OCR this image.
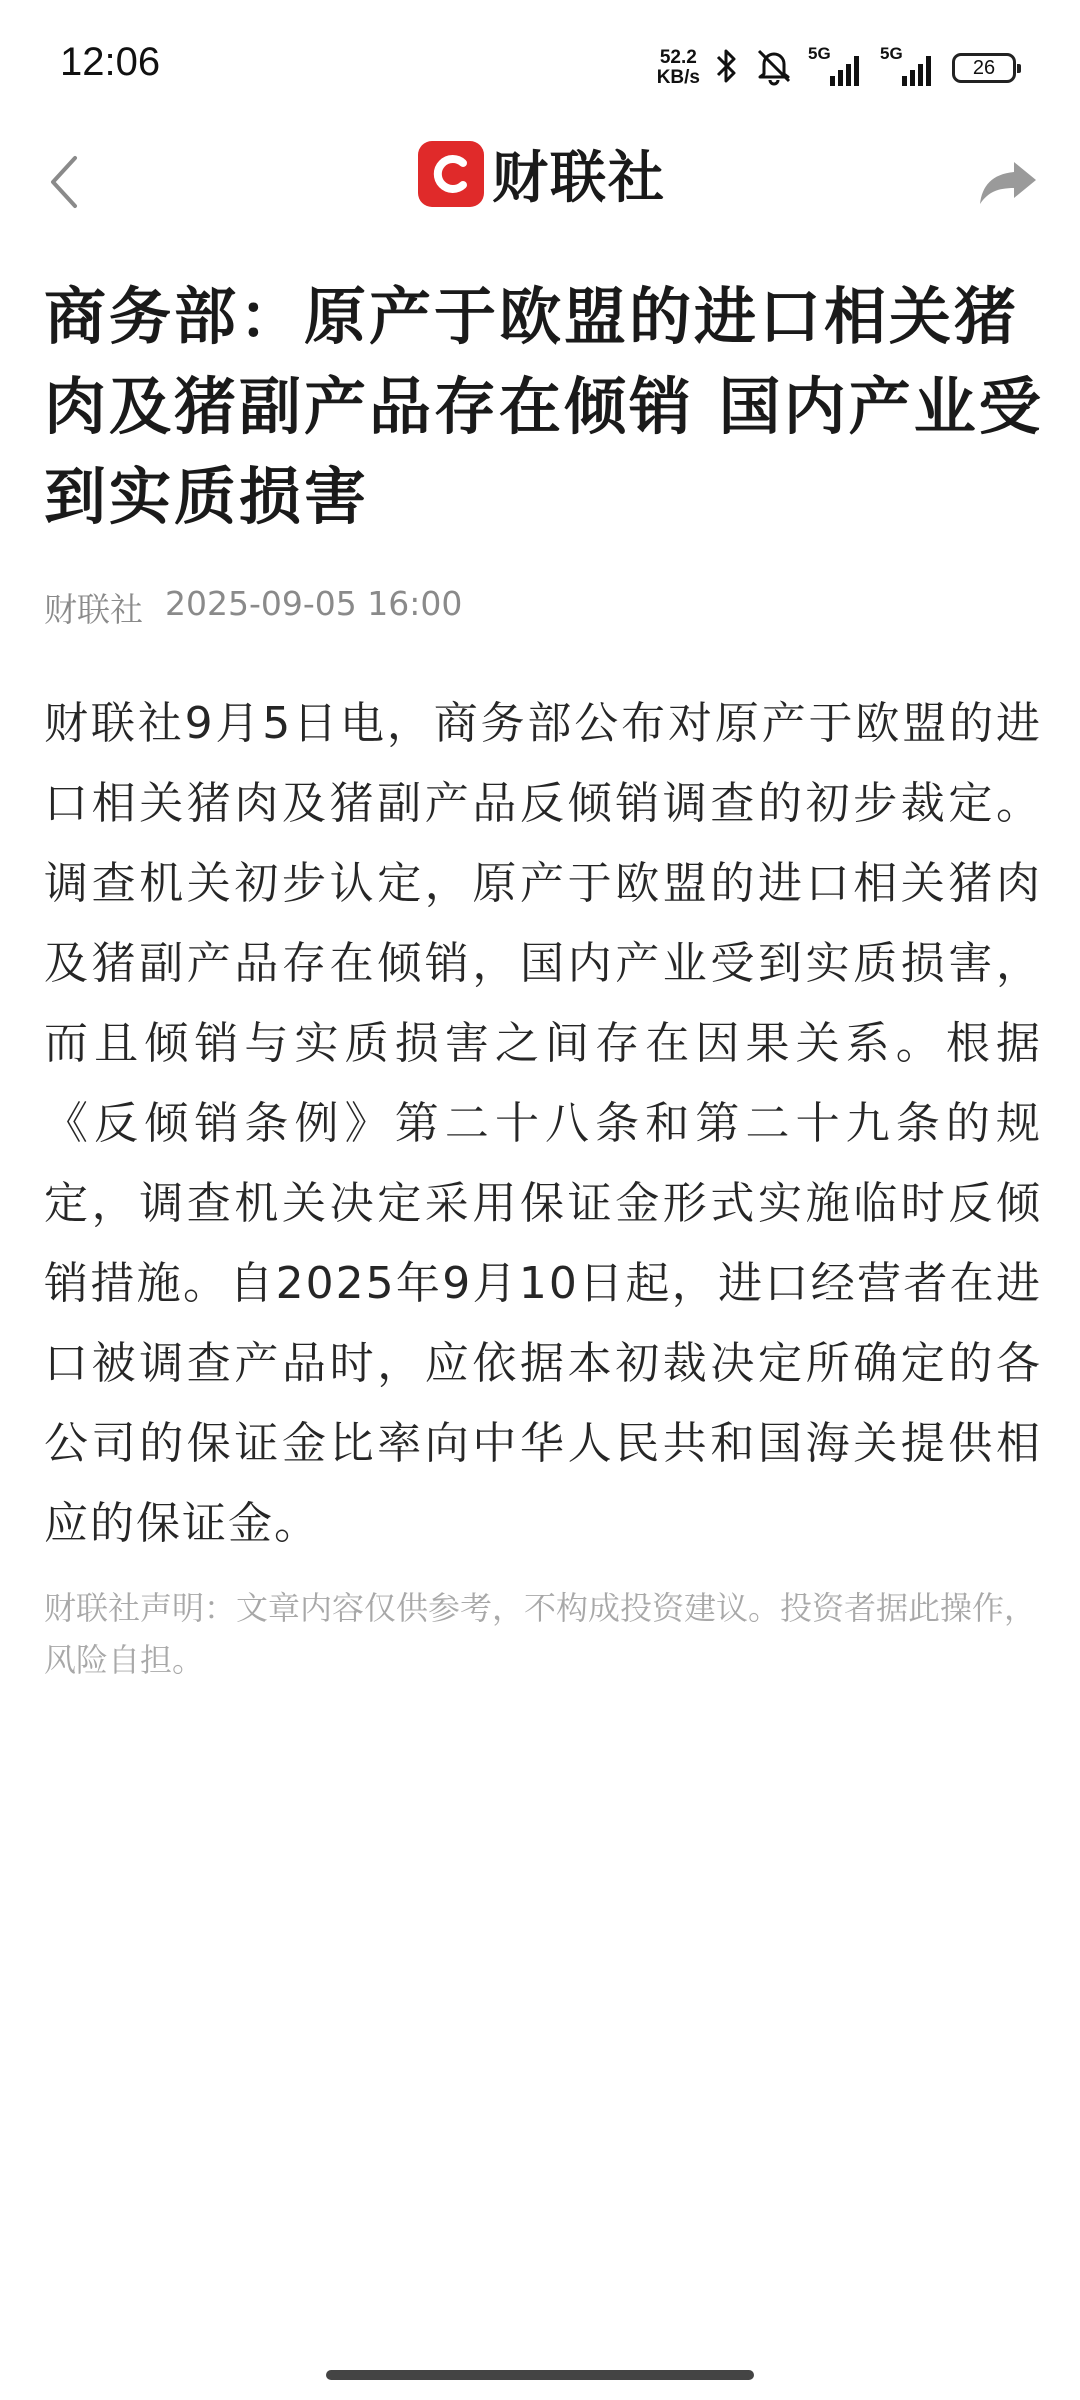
12:06	52.2
KB/s
5G	5G
26
财联社
商务部：原产于欧盟的进口相关猪肉及猪副产品存在倾销 国内产业受到实质损害
财联社 2025-09-05 16:00

财联社9月5日电，商务部公布对原产于欧盟的进口相关猪肉及猪副产品反倾销调查的初步裁定。调查机关初步认定，原产于欧盟的进口相关猪肉及猪副产品存在倾销，国内产业受到实质损害，而且倾销与实质损害之间存在因果关系。根据《反倾销条例》第二十八条和第二十九条的规定，调查机关决定采用保证金形式实施临时反倾销措施。自2025年9月10日起，进口经营者在进口被调查产品时，应依据本初裁决定所确定的各公司的保证金比率向中华人民共和国海关提供相应的保证金。

财联社声明：文章内容仅供参考，不构成投资建议。投资者据此操作，风险自担。
